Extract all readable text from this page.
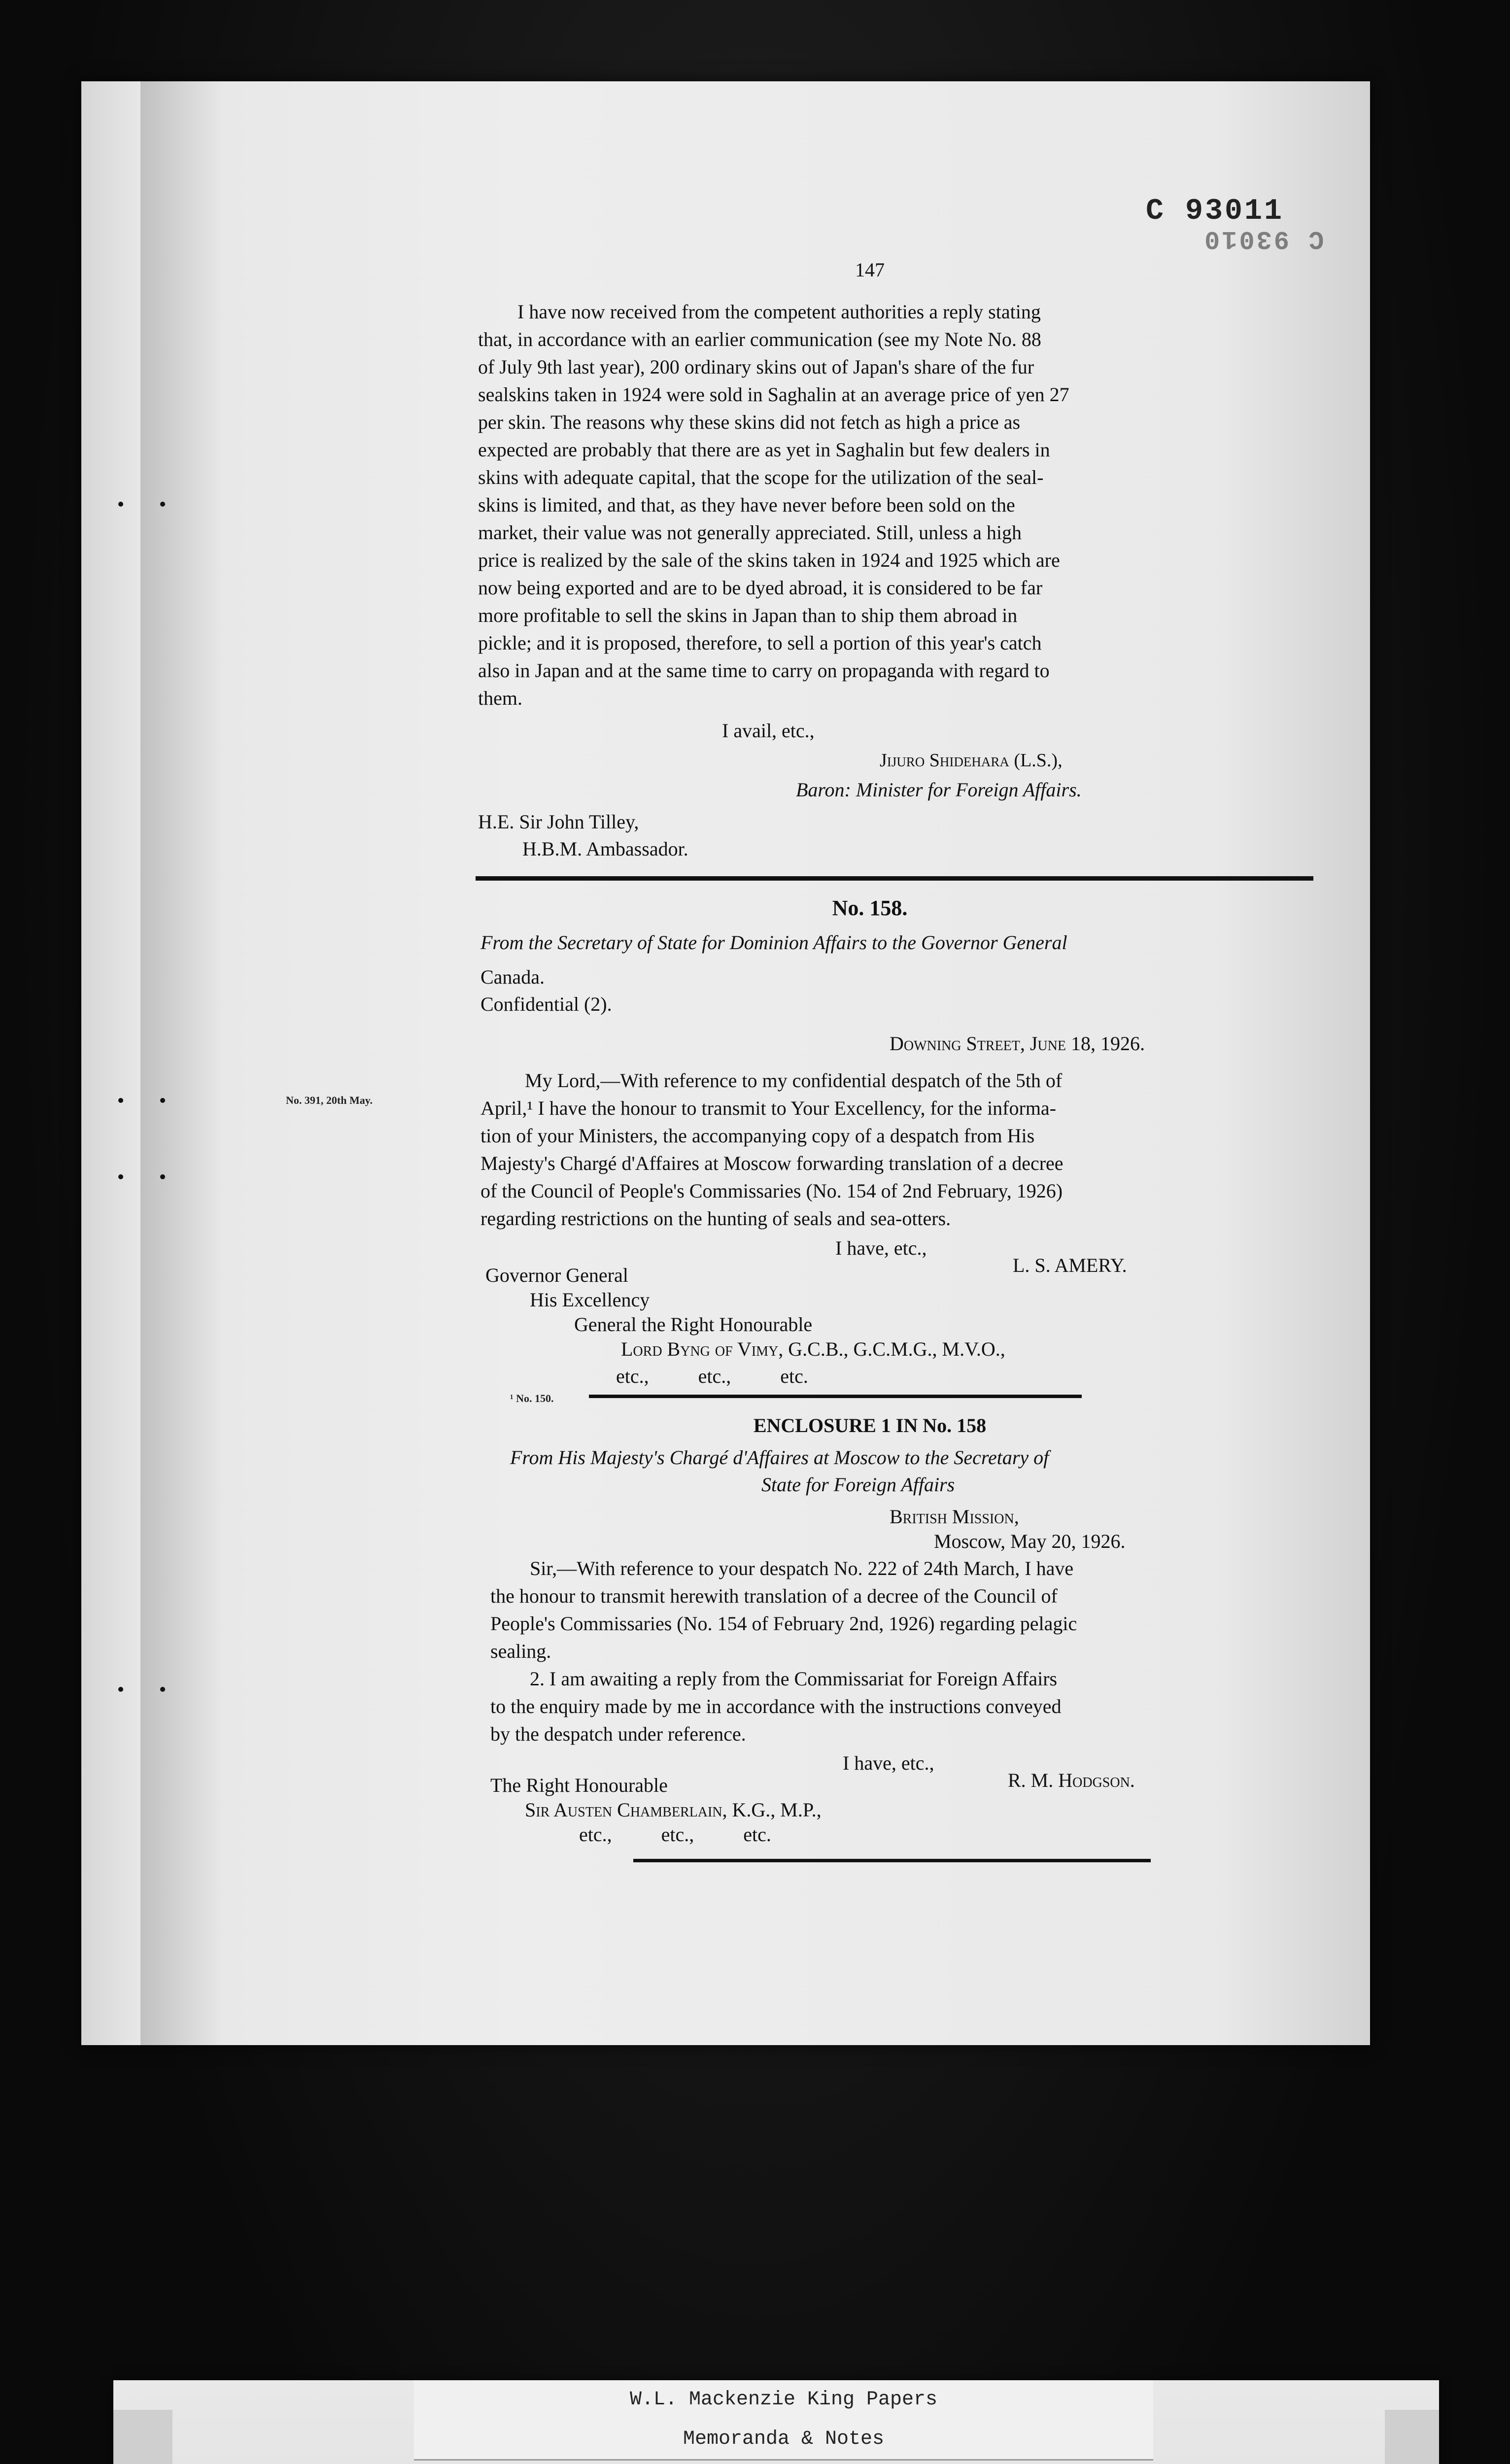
C 93011
C 93010
147
I have now received from the competent authorities a reply stating
that, in accordance with an earlier communication (see my Note No. 88
of July 9th last year), 200 ordinary skins out of Japan's share of the fur
sealskins taken in 1924 were sold in Saghalin at an average price of yen 27
per skin. The reasons why these skins did not fetch as high a price as
expected are probably that there are as yet in Saghalin but few dealers in
skins with adequate capital, that the scope for the utilization of the seal-
skins is limited, and that, as they have never before been sold on the
market, their value was not generally appreciated. Still, unless a high
price is realized by the sale of the skins taken in 1924 and 1925 which are
now being exported and are to be dyed abroad, it is considered to be far
more profitable to sell the skins in Japan than to ship them abroad in
pickle; and it is proposed, therefore, to sell a portion of this year's catch
also in Japan and at the same time to carry on propaganda with regard to
them.
I avail, etc.,
Jijuro Shidehara (L.S.),
Baron: Minister for Foreign Affairs.
H.E. Sir John Tilley,
H.B.M. Ambassador.
No. 158.
From the Secretary of State for Dominion Affairs to the Governor General
Canada.
Confidential (2).
Downing Street, June 18, 1926.
No. 391, 20th May.
My Lord,—With reference to my confidential despatch of the 5th of
April,¹ I have the honour to transmit to Your Excellency, for the informa-
tion of your Ministers, the accompanying copy of a despatch from His
Majesty's Chargé d'Affaires at Moscow forwarding translation of a decree
of the Council of People's Commissaries (No. 154 of 2nd February, 1926)
regarding restrictions on the hunting of seals and sea-otters.
I have, etc.,
L. S. AMERY.
Governor General
His Excellency
General the Right Honourable
Lord Byng of Vimy, G.C.B., G.C.M.G., M.V.O.,
etc.,          etc.,          etc.
¹ No. 150.
ENCLOSURE 1 IN No. 158
From His Majesty's Chargé d'Affaires at Moscow to the Secretary of
State for Foreign Affairs
British Mission,
Moscow, May 20, 1926.
Sir,—With reference to your despatch No. 222 of 24th March, I have
the honour to transmit herewith translation of a decree of the Council of
People's Commissaries (No. 154 of February 2nd, 1926) regarding pelagic
sealing.
2. I am awaiting a reply from the Commissariat for Foreign Affairs
to the enquiry made by me in accordance with the instructions conveyed
by the despatch under reference.
I have, etc.,
R. M. Hodgson.
The Right Honourable
Sir Austen Chamberlain, K.G., M.P.,
etc.,          etc.,          etc.
W.L. Mackenzie King Papers
Memoranda & Notes
